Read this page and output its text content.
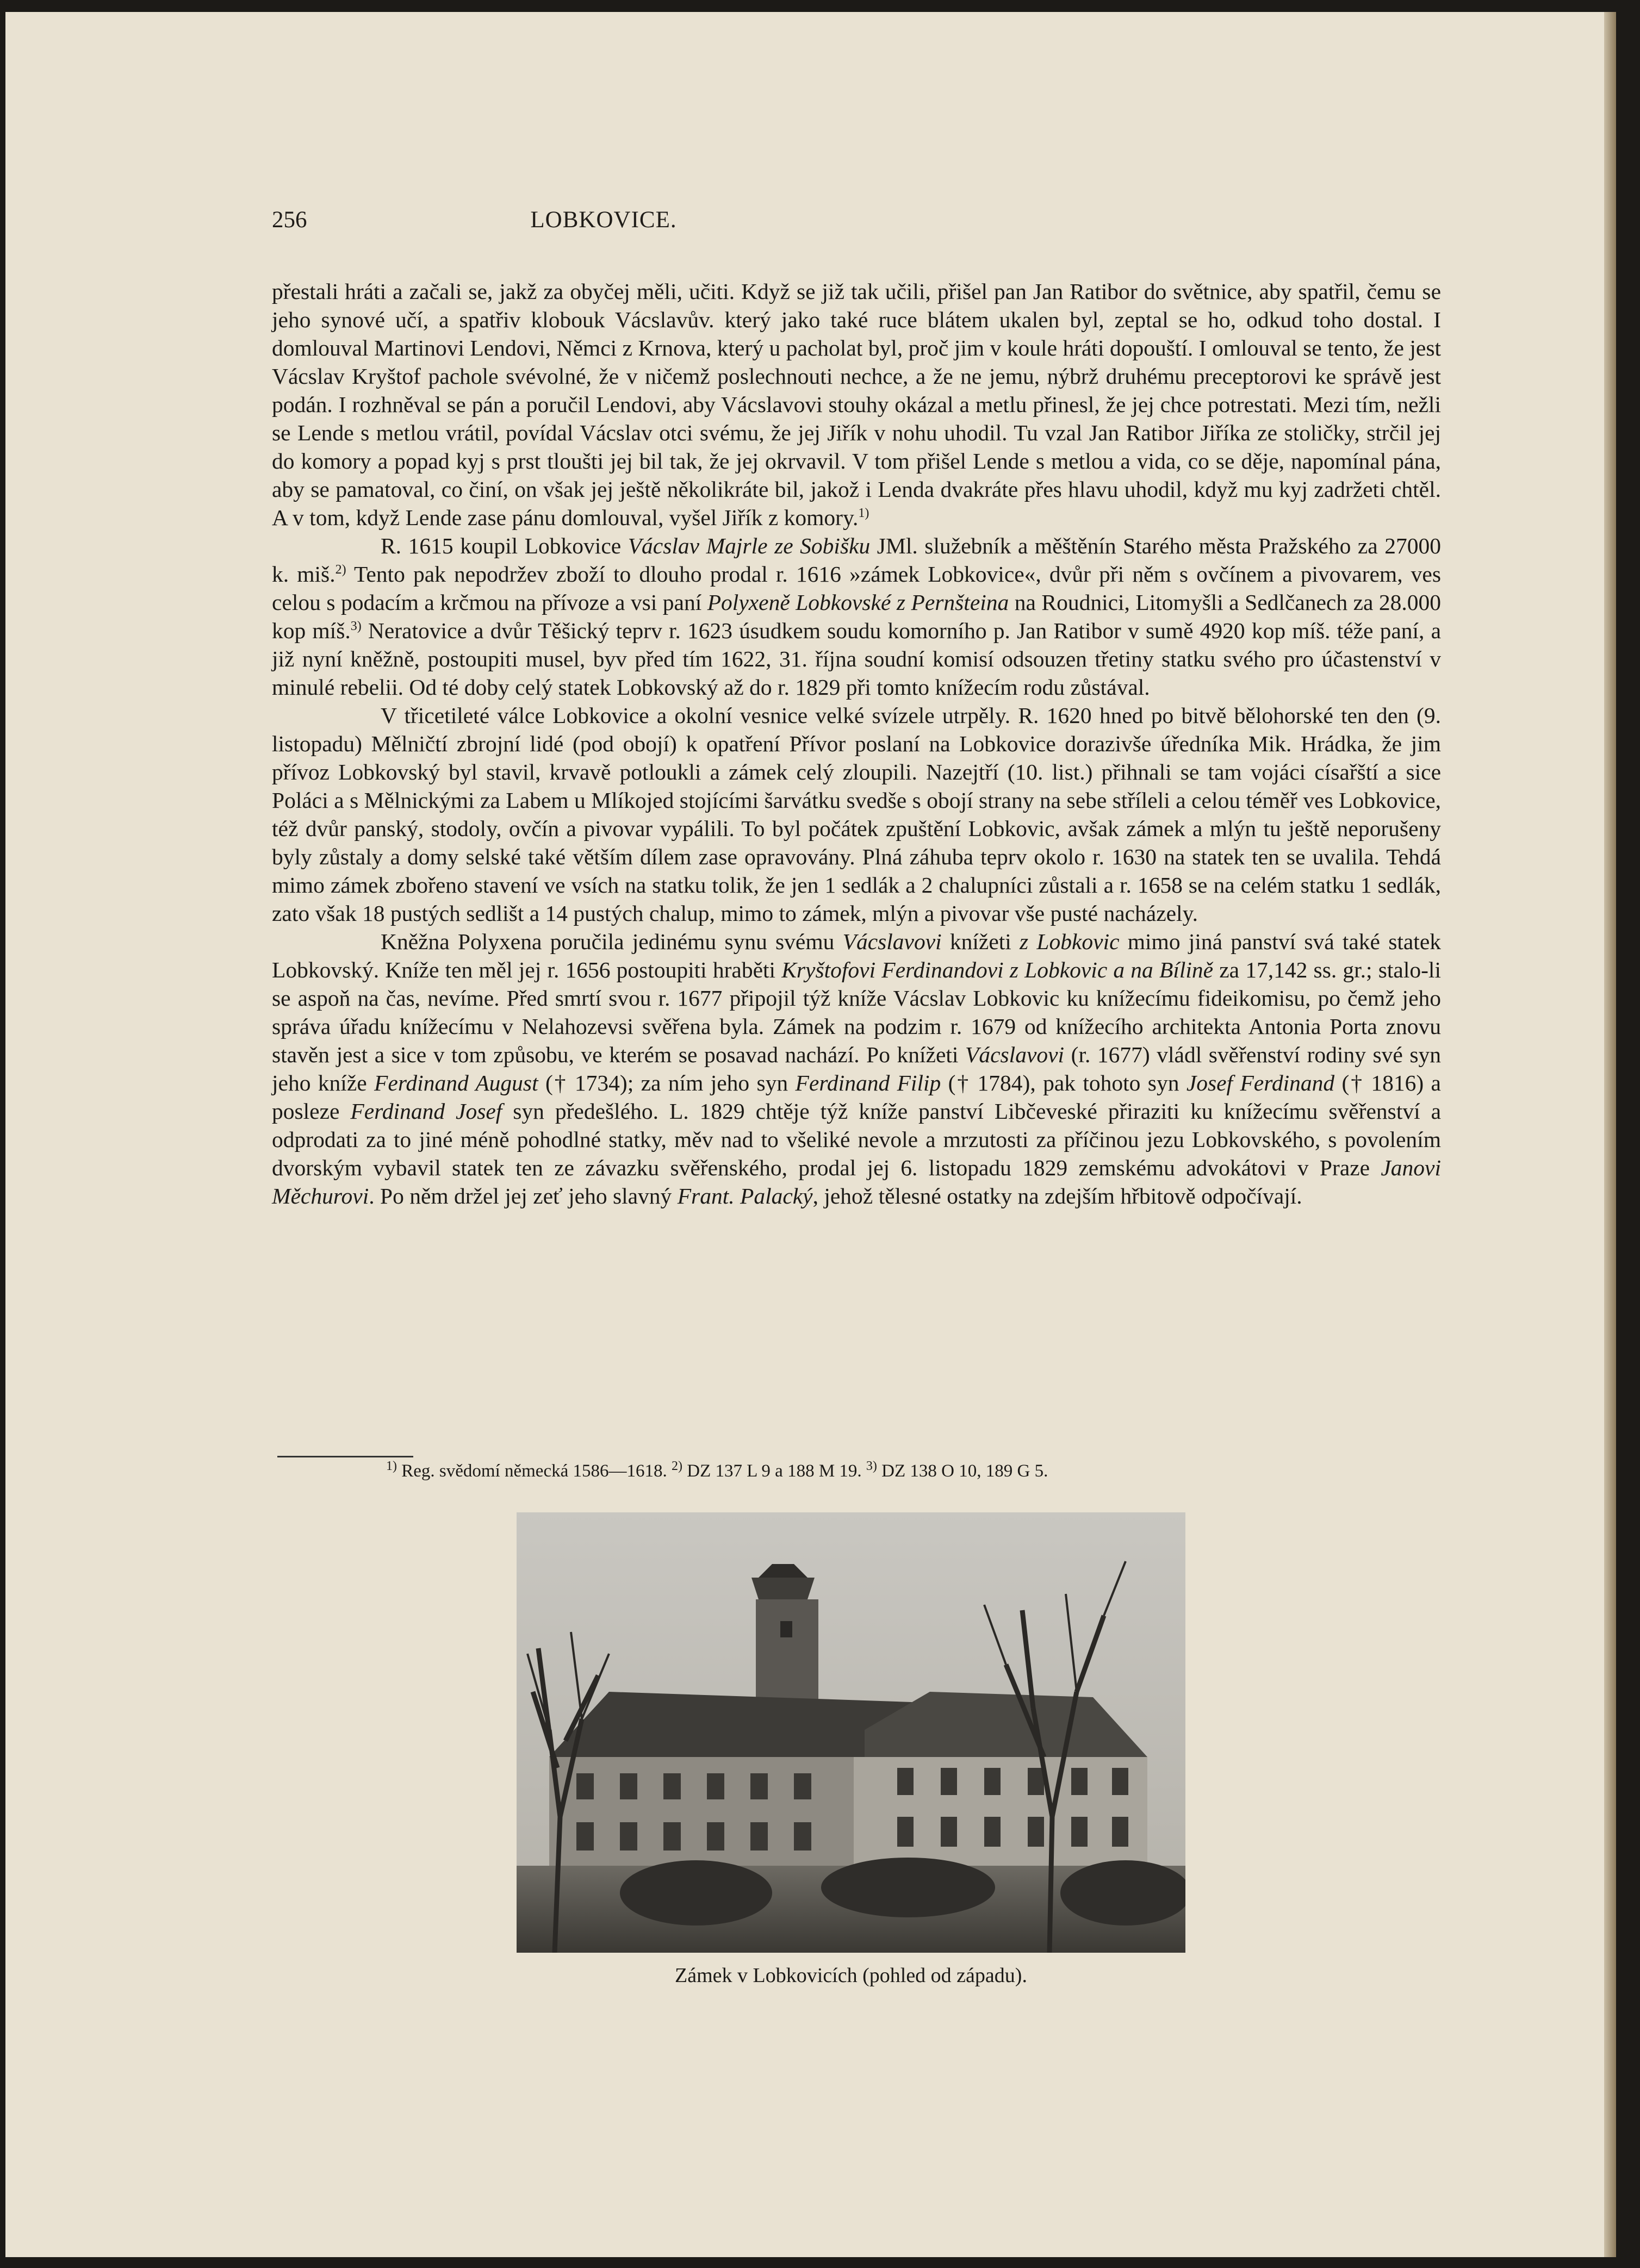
256	LOBKOVICE.

přestali hráti a začali se, jakž za obyčej měli, učiti. Když se již tak učili, přišel pan Jan Ratibor do světnice, aby spatřil, čemu se jeho synové učí, a spatřiv klobouk Vácslavův. který jako také ruce blátem ukalen byl, zeptal se ho, odkud toho dostal. I domlouval Martinovi Lendovi, Němci z Krnova, který u pacholat byl, proč jim v koule hráti dopouští. I omlouval se tento, že jest Vácslav Kryštof pachole svévolné, že v ničemž poslechnouti nechce, a že ne jemu, nýbrž druhému preceptorovi ke správě jest podán. I rozhněval se pán a poručil Lendovi, aby Vácslavovi stouhy okázal a metlu přinesl, že jej chce potrestati. Mezi tím, nežli se Lende s metlou vrátil, povídal Vácslav otci svému, že jej Jiřík v nohu uhodil. Tu vzal Jan Ratibor Jiříka ze stoličky, strčil jej do komory a popad kyj s prst tloušti jej bil tak, že jej okrvavil. V tom přišel Lende s metlou a vida, co se děje, napomínal pána, aby se pamatoval, co činí, on však jej ještě několikráte bil, jakož i Lenda dvakráte přes hlavu uhodil, když mu kyj zadržeti chtěl. A v tom, když Lende zase pánu domlouval, vyšel Jiřík z komory.$^{1)}$

R. 1615 koupil Lobkovice Vácslav Majrle ze Sobišku JMl. služebník a měštěnín Starého města Pražského za 27000 k. miš.$^{2)}$ Tento pak nepodržev zboží to dlouho prodal r. 1616 »zámek Lobkovice«, dvůr při něm s ovčínem a pivovarem, ves celou s podacím a krčmou na přívoze a vsi paní Polyxeně Lobkovské z Pernšteina na Roudnici, Litomyšli a Sedlčanech za 28.000 kop míš.$^{3)}$ Neratovice a dvůr Těšický teprv r. 1623 úsudkem soudu komorního p. Jan Ratibor v sumě 4920 kop míš. téže paní, a již nyní kněžně, postoupiti musel, byv před tím 1622, 31. října soudní komisí odsouzen třetiny statku svého pro účastenství v minulé rebelii. Od té doby celý statek Lobkovský až do r. 1829 při tomto knížecím rodu zůstával.

V třicetileté válce Lobkovice a okolní vesnice velké svízele utrpěly. R. 1620 hned po bitvě bělohorské ten den (9. listopadu) Mělničtí zbrojní lidé (pod obojí) k opatření Přívor poslaní na Lobkovice dorazivše úředníka Mik. Hrádka, že jim přívoz Lobkovský byl stavil, krvavě potloukli a zámek celý zloupili. Nazejtří (10. list.) přihnali se tam vojáci císařští a sice Poláci a s Mělnickými za Labem u Mlíkojed stojícími šarvátku svedše s obojí strany na sebe stříleli a celou téměř ves Lobkovice, též dvůr panský, stodoly, ovčín a pivovar vypálili. To byl počátek zpuštění Lobkovic, avšak zámek a mlýn tu ještě neporušeny byly zůstaly a domy selské také větším dílem zase opravovány. Plná záhuba teprv okolo r. 1630 na statek ten se uvalila. Tehdá mimo zámek zbořeno stavení ve vsích na statku tolik, že jen 1 sedlák a 2 chalupníci zůstali a r. 1658 se na celém statku 1 sedlák, zato však 18 pustých sedlišt a 14 pustých chalup, mimo to zámek, mlýn a pivovar vše pusté nacházely.

Kněžna Polyxena poručila jedinému synu svému Vácslavovi knížeti z Lobkovic mimo jiná panství svá také statek Lobkovský. Kníže ten měl jej r. 1656 postoupiti hraběti Kryštofovi Ferdinandovi z Lobkovic a na Bílině za 17,142 ss. gr.; stalo-li se aspoň na čas, nevíme. Před smrtí svou r. 1677 připojil týž kníže Vácslav Lobkovic ku knížecímu fideikomisu, po čemž jeho správa úřadu knížecímu v Nelahozevsi svěřena byla. Zámek na podzim r. 1679 od knížecího architekta Antonia Porta znovu stavěn jest a sice v tom způsobu, ve kterém se posavad nachází. Po knížeti Vácslavovi (r. 1677) vládl svěřenství rodiny své syn jeho kníže Ferdinand August († 1734); za ním jeho syn Ferdinand Filip († 1784), pak tohoto syn Josef Ferdinand († 1816) a posleze Ferdinand Josef syn předešlého. L. 1829 chtěje týž kníže panství Libčeveské přiraziti ku knížecímu svěřenství a odprodati za to jiné méně pohodlné statky, měv nad to všeliké nevole a mrzutosti za příčinou jezu Lobkovského, s povolením dvorským vybavil statek ten ze závazku svěřenského, prodal jej 6. listopadu 1829 zemskému advokátovi v Praze Janovi Měchurovi. Po něm držel jej zeť jeho slavný Frant. Palacký, jehož tělesné ostatky na zdejším hřbitově odpočívají.

$^{1)}$ Reg. svědomí německá 1586—1618. $^{2)}$ DZ 137 L 9 a 188 M 19. $^{3)}$ DZ 138 O 10, 189 G 5.
Zámek v Lobkovicích (pohled od západu).
